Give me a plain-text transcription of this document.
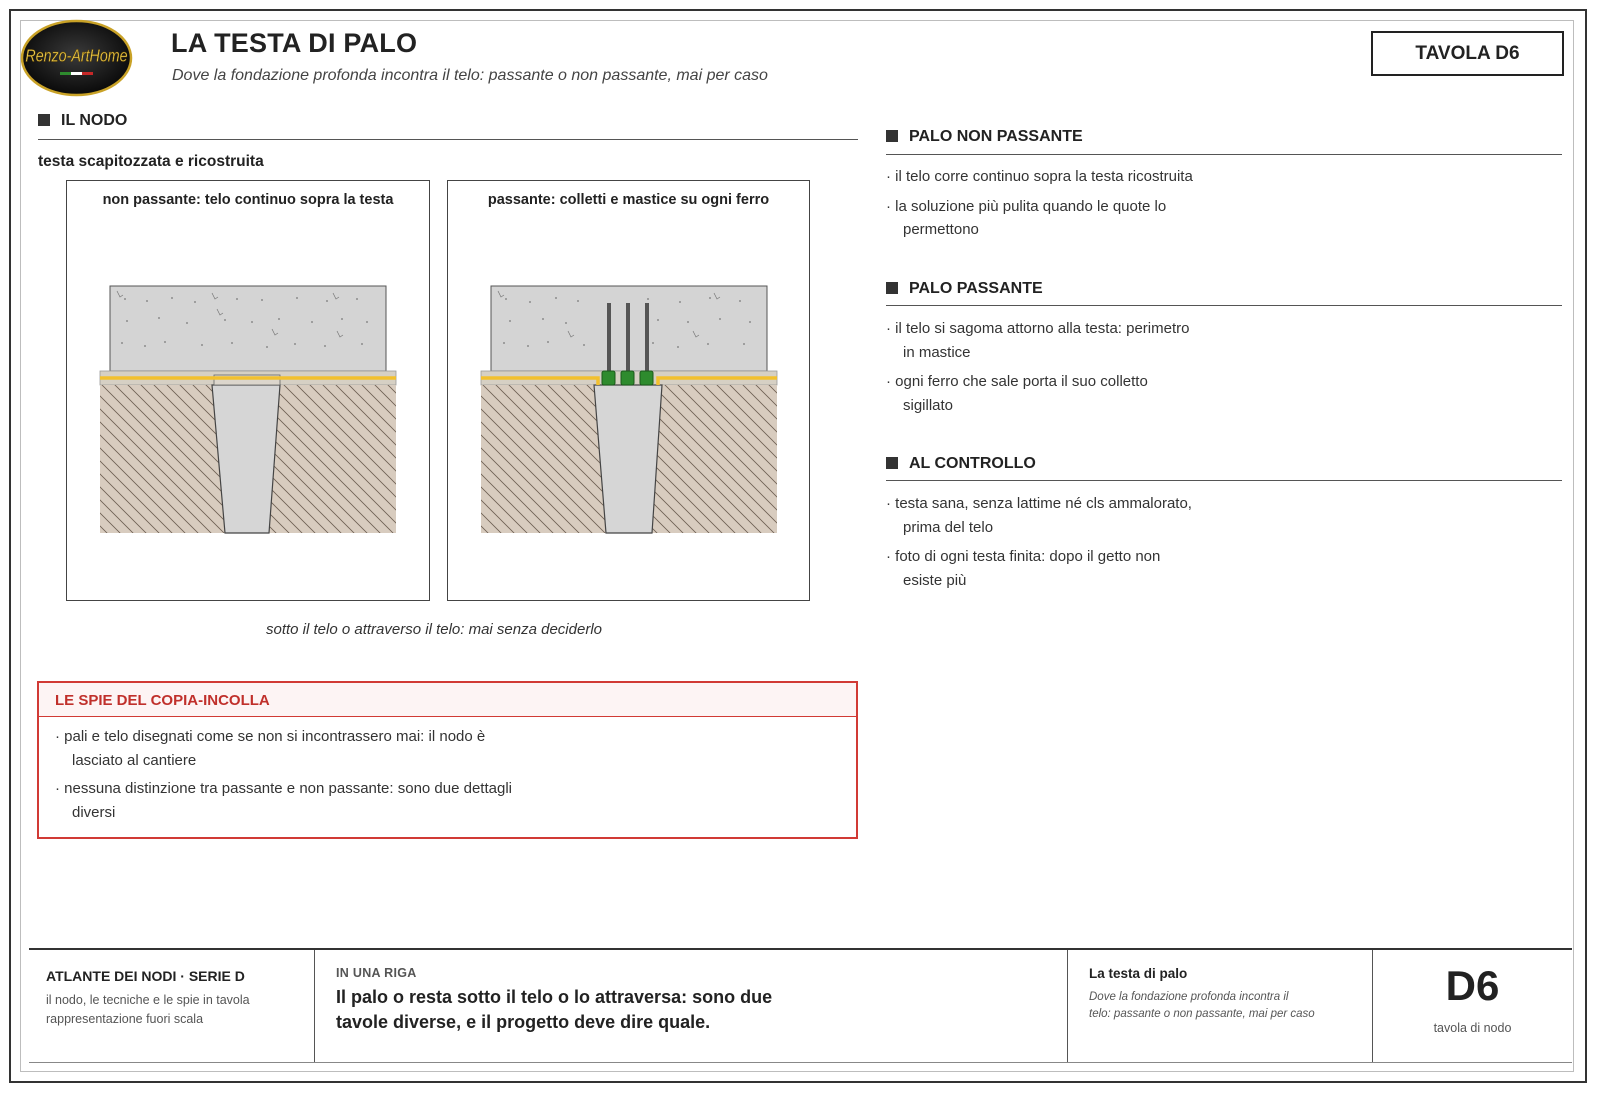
Renzo-ArtHome LA TESTA DI PALO
Dove la fondazione profonda incontra il telo: passante o non passante, mai per caso
TAVOLA D6
IL NODO
testa scapitozzata e ricostruita
non passante: telo continuo sopra la testa	passante: colletti e mastice su ogni ferro
sotto il telo o attraverso il telo: mai senza deciderlo
LE SPIE DEL COPIA-INCOLLA
· pali e telo disegnati come se non si incontrassero mai: il nodo è
lasciato al cantiere
· nessuna distinzione tra passante e non passante: sono due dettagli
diversi
PALO NON PASSANTE
· il telo corre continuo sopra la testa ricostruita
· la soluzione più pulita quando le quote lo
permettono
PALO PASSANTE
· il telo si sagoma attorno alla testa: perimetro
in mastice
· ogni ferro che sale porta il suo colletto
sigillato
AL CONTROLLO
· testa sana, senza lattime né cls ammalorato,
prima del telo
· foto di ogni testa finita: dopo il getto non
esiste più
ATLANTE DEI NODI · SERIE D
il nodo, le tecniche e le spie in tavola
rappresentazione fuori scala
IN UNA RIGA
Il palo o resta sotto il telo o lo attraversa: sono due
tavole diverse, e il progetto deve dire quale.
La testa di palo
Dove la fondazione profonda incontra il
telo: passante o non passante, mai per caso
D6
tavola di nodo
